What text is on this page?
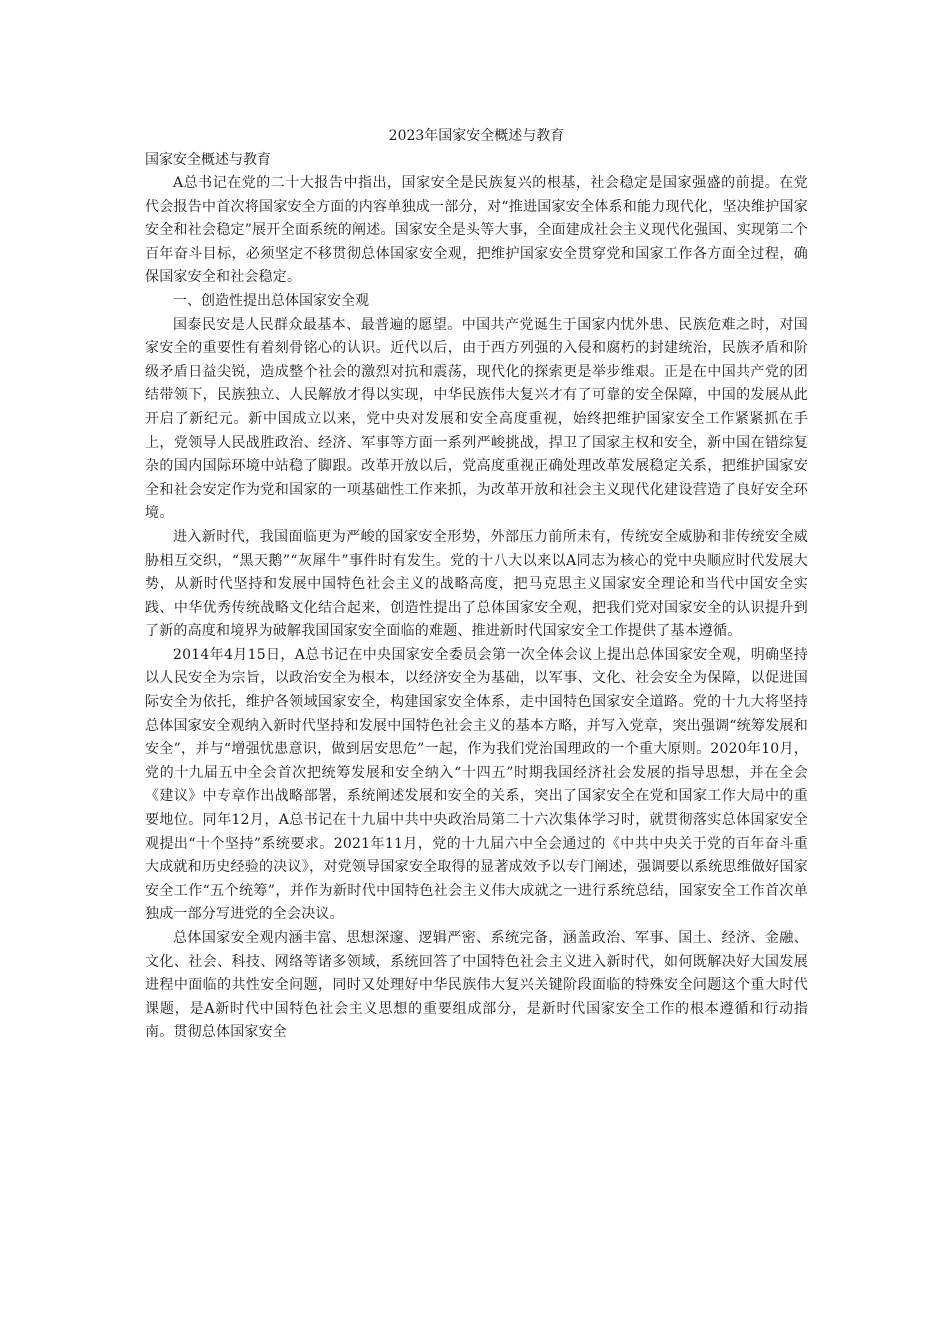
2023年国家安全概述与教育

国家安全概述与教育

A总书记在党的二十大报告中指出，国家安全是民族复兴的根基，社会稳定是国家强盛的前提。在党代会报告中首次将国家安全方面的内容单独成一部分，对“推进国家安全体系和能力现代化，坚决维护国家安全和社会稳定”展开全面系统的阐述。国家安全是头等大事，全面建成社会主义现代化强国、实现第二个百年奋斗目标，必须坚定不移贯彻总体国家安全观，把维护国家安全贯穿党和国家工作各方面全过程，确保国家安全和社会稳定。

一、创造性提出总体国家安全观

国泰民安是人民群众最基本、最普遍的愿望。中国共产党诞生于国家内忧外患、民族危难之时，对国家安全的重要性有着刻骨铭心的认识。近代以后，由于西方列强的入侵和腐朽的封建统治，民族矛盾和阶级矛盾日益尖锐，造成整个社会的激烈对抗和震荡，现代化的探索更是举步维艰。正是在中国共产党的团结带领下，民族独立、人民解放才得以实现，中华民族伟大复兴才有了可靠的安全保障，中国的发展从此开启了新纪元。新中国成立以来，党中央对发展和安全高度重视，始终把维护国家安全工作紧紧抓在手上，党领导人民战胜政治、经济、军事等方面一系列严峻挑战，捍卫了国家主权和安全，新中国在错综复杂的国内国际环境中站稳了脚跟。改革开放以后，党高度重视正确处理改革发展稳定关系，把维护国家安全和社会安定作为党和国家的一项基础性工作来抓，为改革开放和社会主义现代化建设营造了良好安全环境。

进入新时代，我国面临更为严峻的国家安全形势，外部压力前所未有，传统安全威胁和非传统安全威胁相互交织，“黑天鹅”“灰犀牛”事件时有发生。党的十八大以来以A同志为核心的党中央顺应时代发展大势，从新时代坚持和发展中国特色社会主义的战略高度，把马克思主义国家安全理论和当代中国安全实践、中华优秀传统战略文化结合起来，创造性提出了总体国家安全观，把我们党对国家安全的认识提升到了新的高度和境界为破解我国国家安全面临的难题、推进新时代国家安全工作提供了基本遵循。

2014年4月15日，A总书记在中央国家安全委员会第一次全体会议上提出总体国家安全观，明确坚持以人民安全为宗旨，以政治安全为根本，以经济安全为基础，以军事、文化、社会安全为保障，以促进国际安全为依托，维护各领域国家安全，构建国家安全体系，走中国特色国家安全道路。党的十九大将坚持总体国家安全观纳入新时代坚持和发展中国特色社会主义的基本方略，并写入党章，突出强调“统筹发展和安全”，并与“增强忧患意识，做到居安思危”一起，作为我们党治国理政的一个重大原则。2020年10月，党的十九届五中全会首次把统筹发展和安全纳入“十四五”时期我国经济社会发展的指导思想，并在全会《建议》中专章作出战略部署，系统阐述发展和安全的关系，突出了国家安全在党和国家工作大局中的重要地位。同年12月，A总书记在十九届中共中央政治局第二十六次集体学习时，就贯彻落实总体国家安全观提出“十个坚持”系统要求。2021年11月，党的十九届六中全会通过的《中共中央关于党的百年奋斗重大成就和历史经验的决议》，对党领导国家安全取得的显著成效予以专门阐述，强调要以系统思维做好国家安全工作“五个统筹”，并作为新时代中国特色社会主义伟大成就之一进行系统总结，国家安全工作首次单独成一部分写进党的全会决议。

总体国家安全观内涵丰富、思想深邃、逻辑严密、系统完备，涵盖政治、军事、国土、经济、金融、文化、社会、科技、网络等诸多领域，系统回答了中国特色社会主义进入新时代，如何既解决好大国发展进程中面临的共性安全问题，同时又处理好中华民族伟大复兴关键阶段面临的特殊安全问题这个重大时代课题，是A新时代中国特色社会主义思想的重要组成部分，是新时代国家安全工作的根本遵循和行动指南。贯彻总体国家安全
